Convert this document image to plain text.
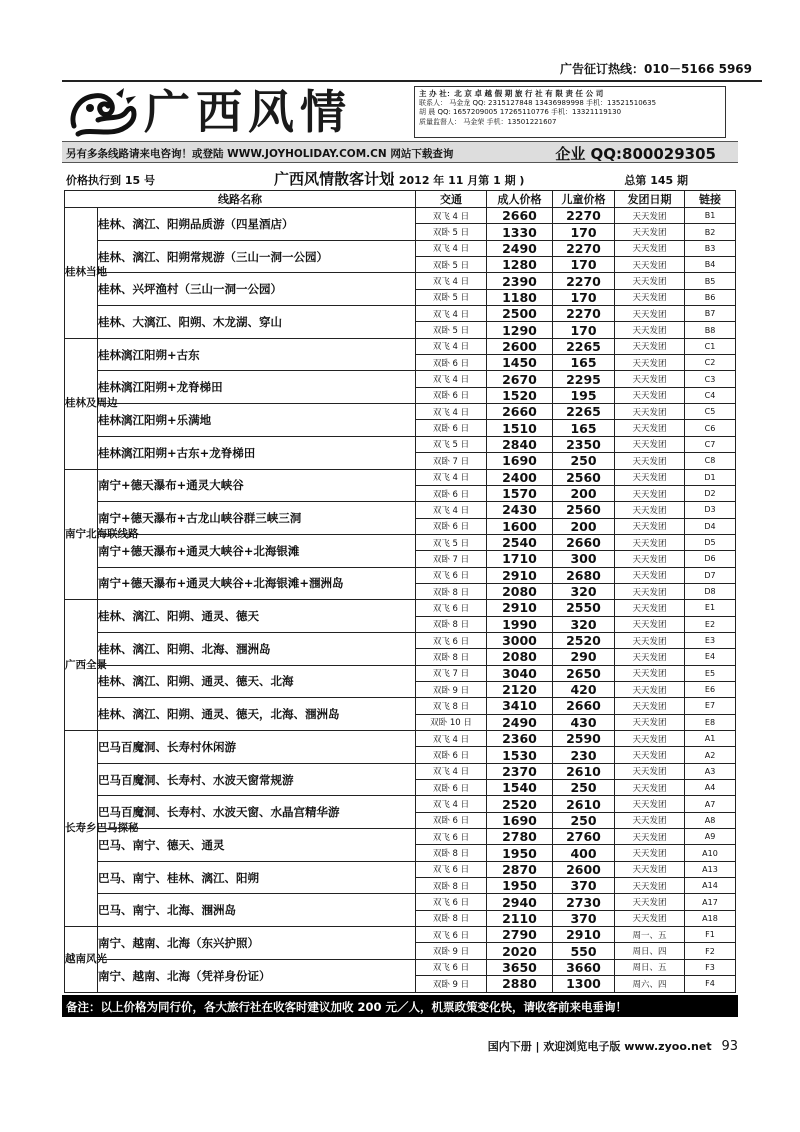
广告征订热线：010－5166 5969
广西风情	主 办 社：北 京 卓 越 假 期 旅 行 社 有 限 责 任 公 司
联系人： 马金龙 QQ: 2315127848 13436989998 手机：13521510635
胡 晨 QQ: 1657209005 17265110776 手机：13321119130
质量监督人： 马金荣 手机：13501221607
另有多条线路请来电咨询！或登陆 WWW.JOYHOLIDAY.COM.CN 网站下载查询	企业 QQ:800029305
价格执行到 15 号	广西风情散客计划
( 2012 年 11 月第 1 期 )	总第 145 期
线路名称		交通	成人价格	儿童价格	发团日期	链接
桂林当地	桂林、漓江、阳朔品质游（四星酒店）	双飞 4 日	2660	2270	天天发团	B1
		双卧 5 日	1330	170	天天发团	B2
	桂林、漓江、阳朔常规游（三山一洞一公园）	双飞 4 日	2490	2270	天天发团	B3
		双卧 5 日	1280	170	天天发团	B4
	桂林、兴坪渔村（三山一洞一公园）	双飞 4 日	2390	2270	天天发团	B5
		双卧 5 日	1180	170	天天发团	B6
	桂林、大漓江、阳朔、木龙湖、穿山	双飞 4 日	2500	2270	天天发团	B7
		双卧 5 日	1290	170	天天发团	B8
桂林及周边	桂林漓江阳朔+古东	双飞 4 日	2600	2265	天天发团	C1
		双卧 6 日	1450	165	天天发团	C2
	桂林漓江阳朔+龙脊梯田	双飞 4 日	2670	2295	天天发团	C3
		双卧 6 日	1520	195	天天发团	C4
	桂林漓江阳朔+乐满地	双飞 4 日	2660	2265	天天发团	C5
		双卧 6 日	1510	165	天天发团	C6
	桂林漓江阳朔+古东+龙脊梯田	双飞 5 日	2840	2350	天天发团	C7
		双卧 7 日	1690	250	天天发团	C8
南宁北海联线路	南宁+德天瀑布+通灵大峡谷	双飞 4 日	2400	2560	天天发团	D1
		双卧 6 日	1570	200	天天发团	D2
	南宁+德天瀑布+古龙山峡谷群三峡三洞	双飞 4 日	2430	2560	天天发团	D3
		双卧 6 日	1600	200	天天发团	D4
	南宁+德天瀑布+通灵大峡谷+北海银滩	双飞 5 日	2540	2660	天天发团	D5
		双卧 7 日	1710	300	天天发团	D6
	南宁+德天瀑布+通灵大峡谷+北海银滩+涠洲岛	双飞 6 日	2910	2680	天天发团	D7
		双卧 8 日	2080	320	天天发团	D8
广西全景	桂林、漓江、阳朔、通灵、德天	双飞 6 日	2910	2550	天天发团	E1
		双卧 8 日	1990	320	天天发团	E2
	桂林、漓江、阳朔、北海、涠洲岛	双飞 6 日	3000	2520	天天发团	E3
		双卧 8 日	2080	290	天天发团	E4
	桂林、漓江、阳朔、通灵、德天、北海	双飞 7 日	3040	2650	天天发团	E5
		双卧 9 日	2120	420	天天发团	E6
	桂林、漓江、阳朔、通灵、德天，北海、涠洲岛	双飞 8 日	3410	2660	天天发团	E7
		双卧 10 日	2490	430	天天发团	E8
长寿乡巴马探秘	巴马百魔洞、长寿村休闲游	双飞 4 日	2360	2590	天天发团	A1
		双卧 6 日	1530	230	天天发团	A2
	巴马百魔洞、长寿村、水波天窗常规游	双飞 4 日	2370	2610	天天发团	A3
		双卧 6 日	1540	250	天天发团	A4
	巴马百魔洞、长寿村、水波天窗、水晶宫精华游	双飞 4 日	2520	2610	天天发团	A7
		双卧 6 日	1690	250	天天发团	A8
	巴马、南宁、德天、通灵	双飞 6 日	2780	2760	天天发团	A9
		双卧 8 日	1950	400	天天发团	A10
	巴马、南宁、桂林、漓江、阳朔	双飞 6 日	2870	2600	天天发团	A13
		双卧 8 日	1950	370	天天发团	A14
	巴马、南宁、北海、涠洲岛	双飞 6 日	2940	2730	天天发团	A17
		双卧 8 日	2110	370	天天发团	A18
越南风光	南宁、越南、北海（东兴护照）	双飞 6 日	2790	2910	周一、五	F1
		双卧 9 日	2020	550	周日、四	F2
	南宁、越南、北海（凭祥身份证）	双飞 6 日	3650	3660	周日、五	F3
		双卧 9 日	2880	1300	周六、四	F4
备注：以上价格为同行价，各大旅行社在收客时建议加收 200 元／人，机票政策变化快，请收客前来电垂询！
国内下册 | 欢迎浏览电子版 www.zyoo.net 93
